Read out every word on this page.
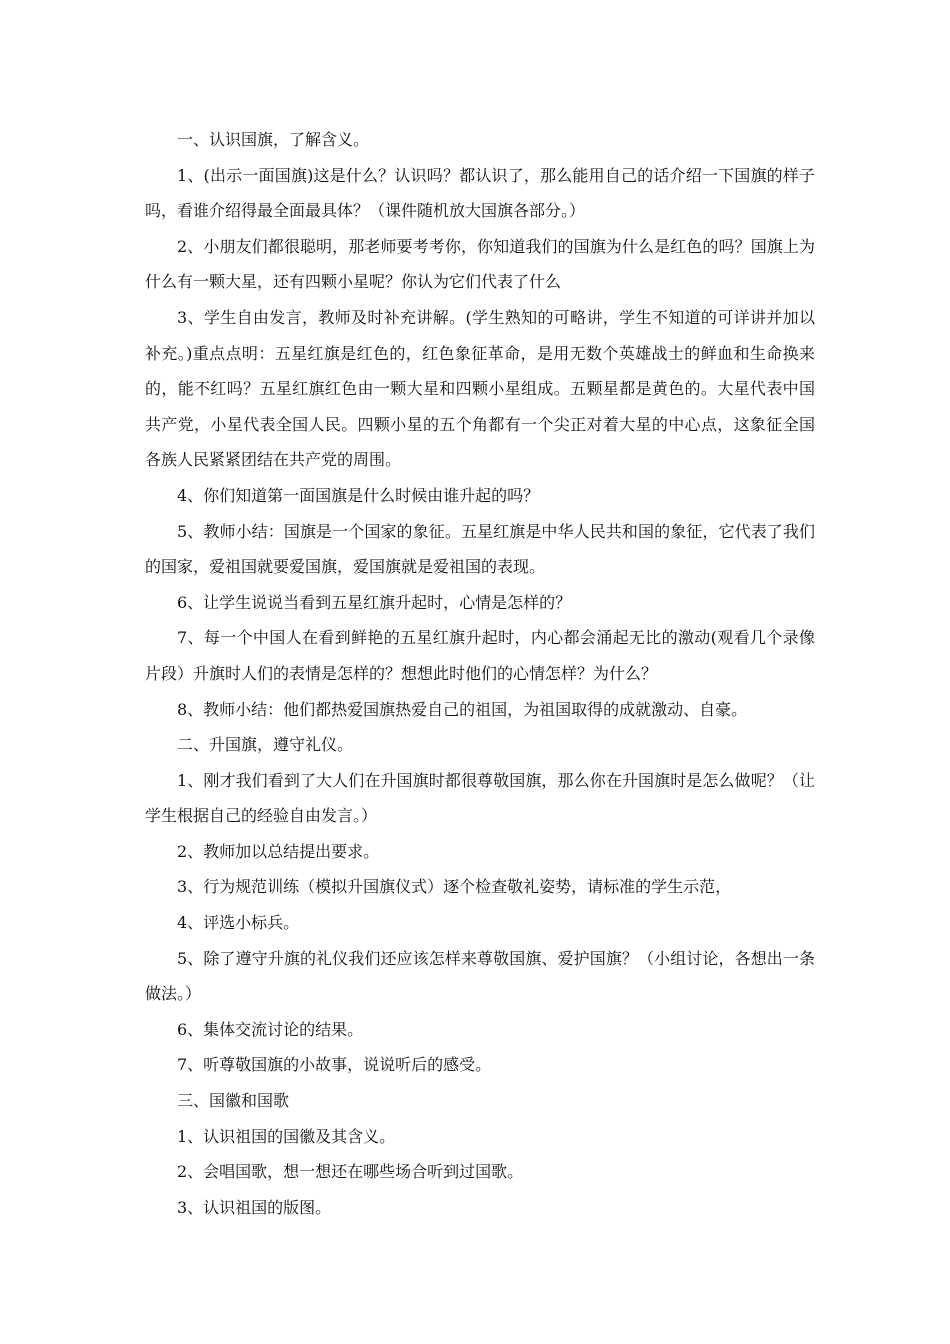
一、认识国旗，了解含义。

1、(出示一面国旗)这是什么？认识吗？都认识了，那么能用自己的话介绍一下国旗的样子吗，看谁介绍得最全面最具体？（课件随机放大国旗各部分。）

2、小朋友们都很聪明，那老师要考考你，你知道我们的国旗为什么是红色的吗？国旗上为什么有一颗大星，还有四颗小星呢？你认为它们代表了什么

3、学生自由发言，教师及时补充讲解。(学生熟知的可略讲，学生不知道的可详讲并加以补充。)重点点明：五星红旗是红色的，红色象征革命，是用无数个英雄战士的鲜血和生命换来的，能不红吗？五星红旗红色由一颗大星和四颗小星组成。五颗星都是黄色的。大星代表中国共产党，小星代表全国人民。四颗小星的五个角都有一个尖正对着大星的中心点，这象征全国各族人民紧紧团结在共产党的周围。

4、你们知道第一面国旗是什么时候由谁升起的吗？

5、教师小结：国旗是一个国家的象征。五星红旗是中华人民共和国的象征，它代表了我们的国家，爱祖国就要爱国旗，爱国旗就是爱祖国的表现。

6、让学生说说当看到五星红旗升起时，心情是怎样的？

7、每一个中国人在看到鲜艳的五星红旗升起时，内心都会涌起无比的激动(观看几个录像片段）升旗时人们的表情是怎样的？想想此时他们的心情怎样？为什么？

8、教师小结：他们都热爱国旗热爱自己的祖国，为祖国取得的成就激动、自豪。

二、升国旗，遵守礼仪。

1、刚才我们看到了大人们在升国旗时都很尊敬国旗，那么你在升国旗时是怎么做呢？（让学生根据自己的经验自由发言。）

2、教师加以总结提出要求。

3、行为规范训练（模拟升国旗仪式）逐个检查敬礼姿势，请标准的学生示范，

4、评选小标兵。

5、除了遵守升旗的礼仪我们还应该怎样来尊敬国旗、爱护国旗？（小组讨论，各想出一条做法。）

6、集体交流讨论的结果。

7、听尊敬国旗的小故事，说说听后的感受。

三、国徽和国歌

1、认识祖国的国徽及其含义。

2、会唱国歌，想一想还在哪些场合听到过国歌。

3、认识祖国的版图。
